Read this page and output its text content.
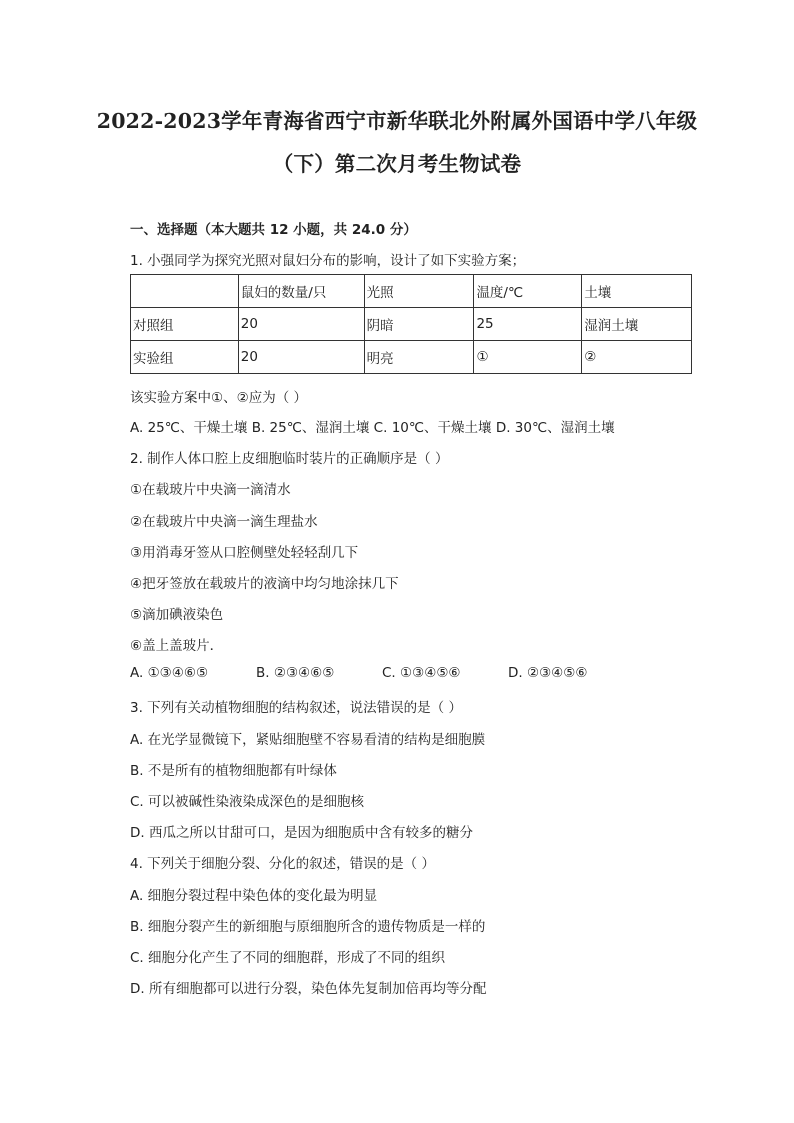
2022-2023学年青海省西宁市新华联北外附属外国语中学八年级
（下）第二次月考生物试卷
一、选择题（本大题共 12 小题，共 24.0 分）
1. 小强同学为探究光照对鼠妇分布的影响，设计了如下实验方案；
	鼠妇的数量/只	光照	温度/℃	土壤
对照组	20	阴暗	25	湿润土壤
实验组	20	明亮	①	②
该实验方案中①、②应为（ ）
A. 25℃、干燥土壤 B. 25℃、湿润土壤 C. 10℃、干燥土壤 D. 30℃、湿润土壤
2. 制作人体口腔上皮细胞临时装片的正确顺序是（ ）
①在载玻片中央滴一滴清水
②在载玻片中央滴一滴生理盐水
③用消毒牙签从口腔侧壁处轻轻刮几下
④把牙签放在载玻片的液滴中均匀地涂抹几下
⑤滴加碘液染色
⑥盖上盖玻片．
A. ①③④⑥⑤	B. ②③④⑥⑤	C. ①③④⑤⑥	D. ②③④⑤⑥
3. 下列有关动植物细胞的结构叙述，说法错误的是（ ）
A. 在光学显微镜下，紧贴细胞壁不容易看清的结构是细胞膜
B. 不是所有的植物细胞都有叶绿体
C. 可以被碱性染液染成深色的是细胞核
D. 西瓜之所以甘甜可口，是因为细胞质中含有较多的糖分
4. 下列关于细胞分裂、分化的叙述，错误的是（ ）
A. 细胞分裂过程中染色体的变化最为明显
B. 细胞分裂产生的新细胞与原细胞所含的遗传物质是一样的
C. 细胞分化产生了不同的细胞群，形成了不同的组织
D. 所有细胞都可以进行分裂，染色体先复制加倍再均等分配
